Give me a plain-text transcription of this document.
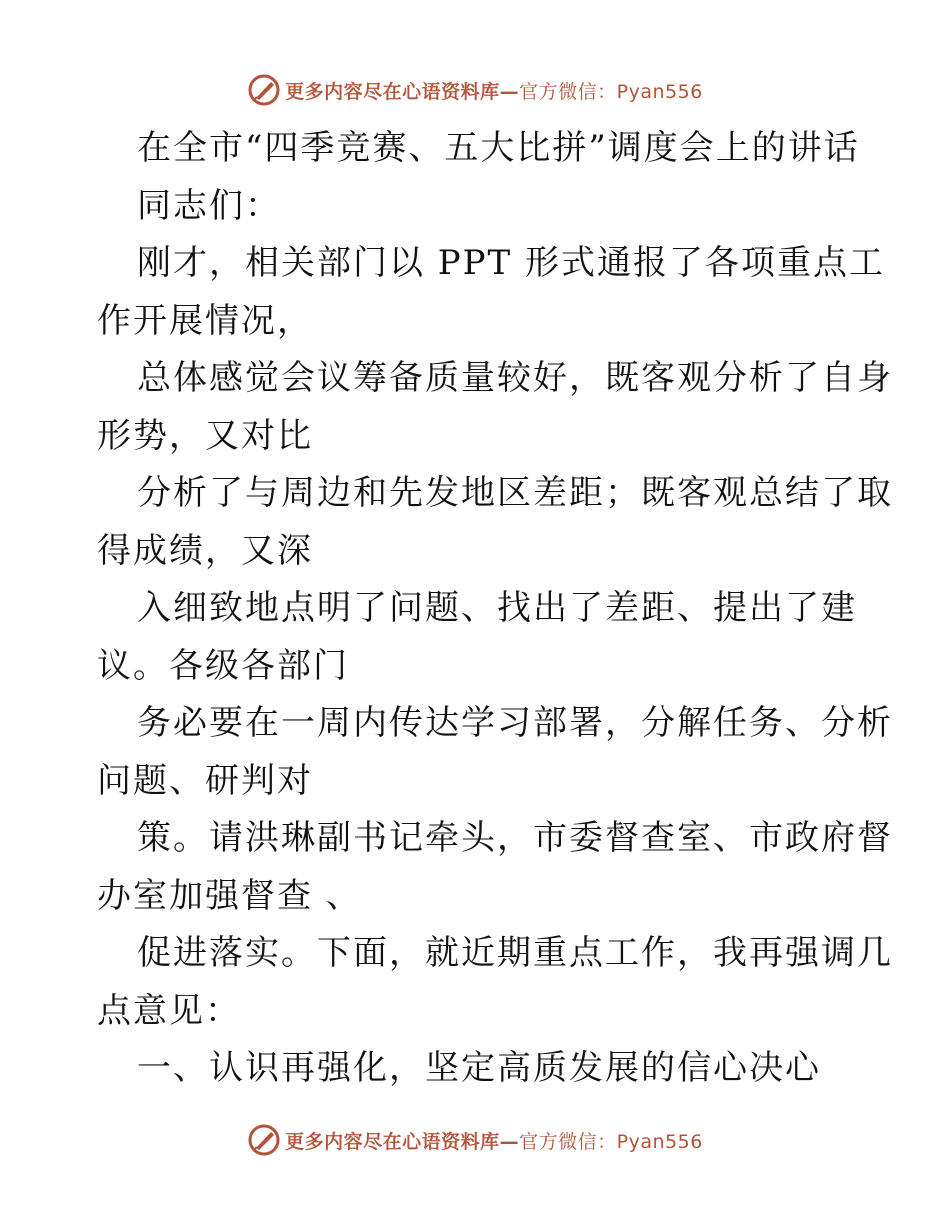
更多内容尽在心语资料库—官方微信：Pyan556
在全市“四季竞赛、五大比拼”调度会上的讲话
同志们：
刚才，相关部门以 PPT 形式通报了各项重点工
作开展情况，
总体感觉会议筹备质量较好，既客观分析了自身
形势，又对比
分析了与周边和先发地区差距；既客观总结了取
得成绩，又深
入细致地点明了问题、找出了差距、提出了建
议。各级各部门
务必要在一周内传达学习部署，分解任务、分析
问题、研判对
策。请洪琳副书记牵头，市委督查室、市政府督
办室加强督查 、
促进落实。下面，就近期重点工作，我再强调几
点意见：
一、认识再强化，坚定高质发展的信心决心
更多内容尽在心语资料库—官方微信：Pyan556
